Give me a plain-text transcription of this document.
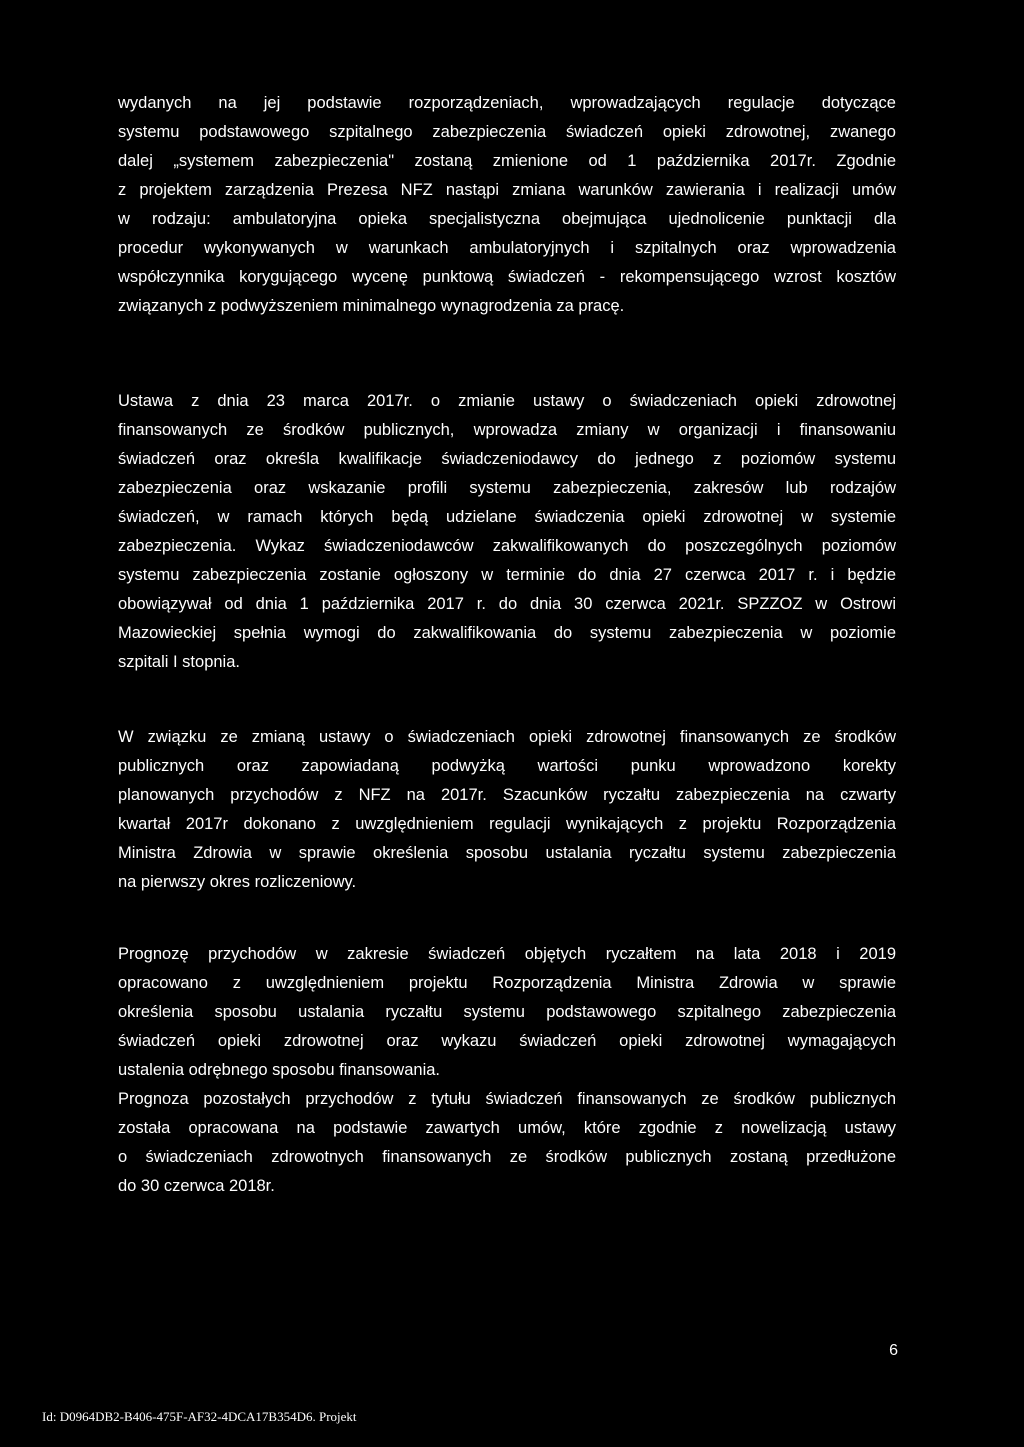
wydanych na jej podstawie rozporządzeniach, wprowadzających regulacje dotyczące
systemu podstawowego szpitalnego zabezpieczenia świadczeń opieki zdrowotnej, zwanego
dalej „systemem zabezpieczenia" zostaną zmienione od 1 października 2017r. Zgodnie
z projektem zarządzenia Prezesa NFZ nastąpi zmiana warunków zawierania i realizacji umów
w rodzaju: ambulatoryjna opieka specjalistyczna obejmująca ujednolicenie punktacji dla
procedur wykonywanych w warunkach ambulatoryjnych i szpitalnych oraz wprowadzenia
współczynnika korygującego wycenę punktową świadczeń - rekompensującego wzrost kosztów
związanych z podwyższeniem minimalnego wynagrodzenia za pracę.
Ustawa z dnia 23 marca 2017r. o zmianie ustawy o świadczeniach opieki zdrowotnej
finansowanych ze środków publicznych, wprowadza zmiany w organizacji i finansowaniu
świadczeń oraz określa kwalifikacje świadczeniodawcy do jednego z poziomów systemu
zabezpieczenia oraz wskazanie profili systemu zabezpieczenia, zakresów lub rodzajów
świadczeń, w ramach których będą udzielane świadczenia opieki zdrowotnej w systemie
zabezpieczenia. Wykaz świadczeniodawców zakwalifikowanych do poszczególnych poziomów
systemu zabezpieczenia zostanie ogłoszony w terminie do dnia 27 czerwca 2017 r. i będzie
obowiązywał od dnia 1 października 2017 r. do dnia 30 czerwca 2021r. SPZZOZ w Ostrowi
Mazowieckiej spełnia wymogi do zakwalifikowania do systemu zabezpieczenia w poziomie
szpitali I stopnia.
W związku ze zmianą ustawy o świadczeniach opieki zdrowotnej finansowanych ze środków
publicznych oraz zapowiadaną podwyżką wartości punku wprowadzono korekty
planowanych przychodów z NFZ na 2017r. Szacunków ryczałtu zabezpieczenia na czwarty
kwartał 2017r dokonano z uwzględnieniem regulacji wynikających z projektu Rozporządzenia
Ministra Zdrowia w sprawie określenia sposobu ustalania ryczałtu systemu zabezpieczenia
na pierwszy okres rozliczeniowy.
Prognozę przychodów w zakresie świadczeń objętych ryczałtem na lata 2018 i 2019
opracowano z uwzględnieniem projektu Rozporządzenia Ministra Zdrowia w sprawie
określenia sposobu ustalania ryczałtu systemu podstawowego szpitalnego zabezpieczenia
świadczeń opieki zdrowotnej oraz wykazu świadczeń opieki zdrowotnej wymagających
ustalenia odrębnego sposobu finansowania.
Prognoza pozostałych przychodów z tytułu świadczeń finansowanych ze środków publicznych
została opracowana na podstawie zawartych umów, które zgodnie z nowelizacją ustawy
o świadczeniach zdrowotnych finansowanych ze środków publicznych zostaną przedłużone
do 30 czerwca 2018r.
6
Id: D0964DB2-B406-475F-AF32-4DCA17B354D6. Projekt
